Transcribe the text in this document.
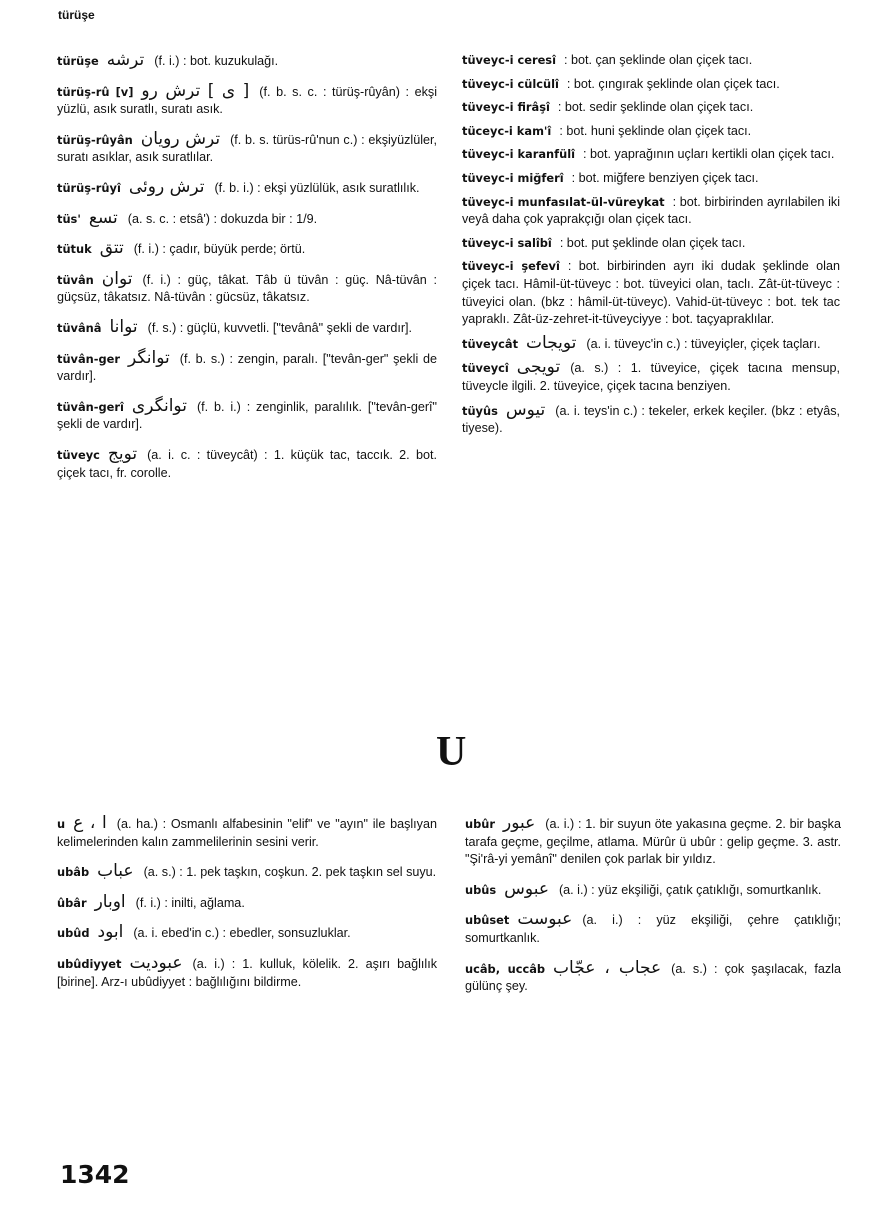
türüşe

türüşe ترشه (f. i.) : bot. kuzukulağı.

türüş-rû [v] [ ى ] ترش رو (f. b. s. c. : türüş-rûyân) : ekşi yüzlü, asık suratlı, suratı asık.

türüş-rûyân ترش رويان (f. b. s. türüs-rû'nun c.) : ekşiyüzlüler, suratı asıklar, asık suratlılar.

türüş-rûyî ترش روئى (f. b. i.) : ekşi yüzlülük, asık suratlılık.

tüs' تسع (a. s. c. : etsâ') : dokuzda bir : 1/9.

tütuk تتق (f. i.) : çadır, büyük perde; örtü.

tüvân توان (f. i.) : güç, tâkat. Tâb ü tüvân : güç. Nâ-tüvân : güçsüz, tâkatsız. Nâ-tüvân : gücsüz, tâkatsız.

tüvânâ توانا (f. s.) : güçlü, kuvvetli. ["tevânâ" şekli de vardır].

tüvân-ger توانگر (f. b. s.) : zengin, paralı. ["tevân-ger" şekli de vardır].

tüvân-gerî توانگرى (f. b. i.) : zenginlik, paralılık. ["tevân-gerî" şekli de vardır].

tüveyc تويج (a. i. c. : tüveycât) : 1. küçük tac, taccık. 2. bot. çiçek tacı, fr. corolle.

tüveyc-i ceresî : bot. çan şeklinde olan çiçek tacı.

tüveyc-i cülcülî : bot. çıngırak şeklinde olan çiçek tacı.

tüveyc-i firâşî : bot. sedir şeklinde olan çiçek tacı.

tüceyc-i kam'î : bot. huni şeklinde olan çiçek tacı.

tüveyc-i karanfülî : bot. yaprağının uçları kertikli olan çiçek tacı.

tüveyc-i miğferî : bot. miğfere benziyen çiçek tacı.

tüveyc-i munfasılat-ül-vüreykat : bot. birbirinden ayrılabilen iki veyâ daha çok yaprakçığı olan çiçek tacı.

tüveyc-i salîbî : bot. put şeklinde olan çiçek tacı.

tüveyc-i şefevî : bot. birbirinden ayrı iki dudak şeklinde olan çiçek tacı. Hâmil-üt-tüveyc : bot. tüveyici olan, taclı. Zât-üt-tüveyc : tüveyici olan. (bkz : hâmil-üt-tüveyc). Vahid-üt-tüveyc : bot. tek tac yapraklı. Zât-üz-zehret-it-tüveyciyye : bot. taçyapraklılar.

tüveycât تويجات (a. i. tüveyc'in c.) : tüveyiçler, çiçek taçları.

tüveycî تويجى (a. s.) : 1. tüveyice, çiçek tacına mensup, tüveycle ilgili. 2. tüveyice, çiçek tacına benziyen.

tüyûs تيوس (a. i. teys'in c.) : tekeler, erkek keçiler. (bkz : etyâs, tiyese).

U

u ا ، ع (a. ha.) : Osmanlı alfabesinin "elif" ve "ayın" ile başlıyan kelimelerinden kalın zammelilerinin sesini verir.

ubâb عباب (a. s.) : 1. pek taşkın, coşkun. 2. pek taşkın sel suyu.

ûbâr اوبار (f. i.) : inilti, ağlama.

ubûd ابود (a. i. ebed'in c.) : ebedler, sonsuzluklar.

ubûdiyyet عبوديت (a. i.) : 1. kulluk, kölelik. 2. aşırı bağlılık [birine]. Arz-ı ubûdiyyet : bağlılığını bildirme.

ubûr عبور (a. i.) : 1. bir suyun öte yakasına geçme. 2. bir başka tarafa geçme, geçilme, atlama. Mürûr ü ubûr : gelip geçme. 3. astr. "Şi'râ-yi yemânî" denilen çok parlak bir yıldız.

ubûs عبوس (a. i.) : yüz ekşiliği, çatık çatıklığı, somurtkanlık.

ubûset عبوست (a. i.) : yüz ekşiliği, çehre çatıklığı; somurtkanlık.

ucâb, uccâb عجاب ، عجّاب (a. s.) : çok şaşılacak, fazla gülünç şey.

1342
